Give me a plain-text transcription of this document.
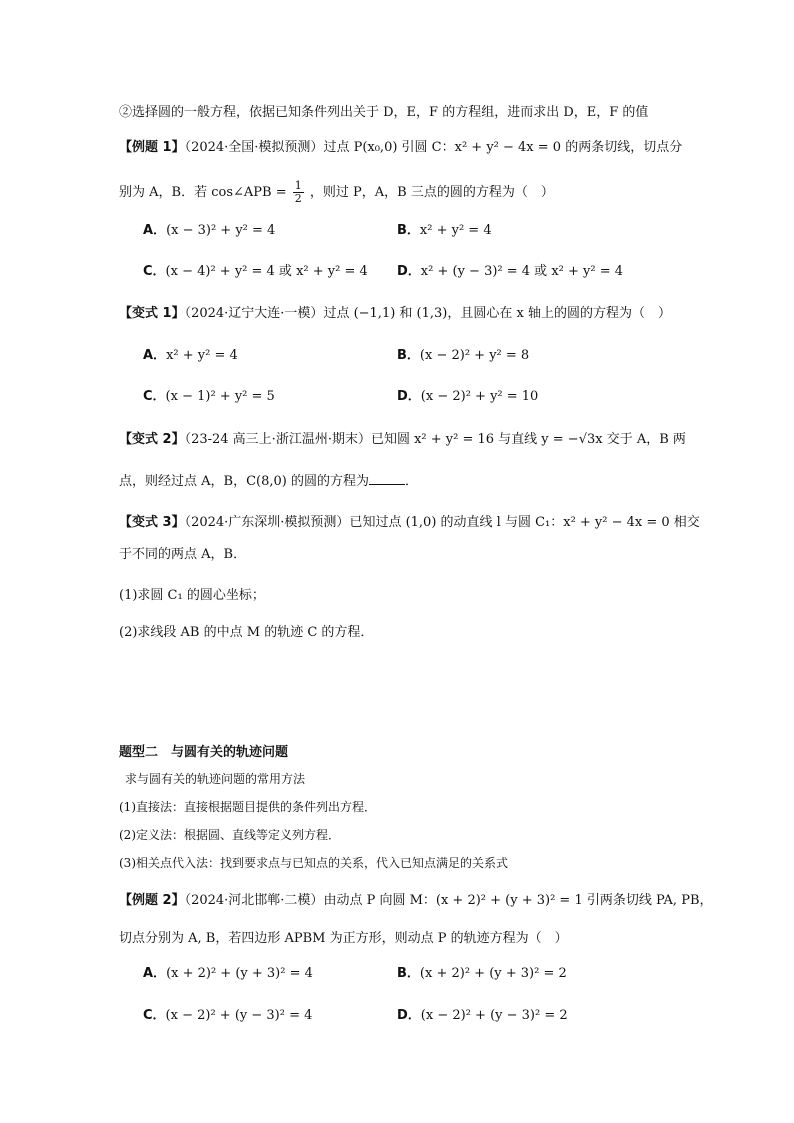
②选择圆的一般方程，依据已知条件列出关于 D，E，F 的方程组，进而求出 D，E，F 的值
【例题 1】（2024·全国·模拟预测）过点 P(x₀,0) 引圆 C：x² + y² − 4x = 0 的两条切线，切点分
别为 A，B．若 cos∠APB = $\frac{1}{2}$ ，则过 P，A，B 三点的圆的方程为（　）
A．(x − 3)² + y² = 4	B．x² + y² = 4
C．(x − 4)² + y² = 4 或 x² + y² = 4 D．x² + (y − 3)² = 4 或 x² + y² = 4
【变式 1】（2024·辽宁大连·一模）过点 (−1,1) 和 (1,3)，且圆心在 x 轴上的圆的方程为（　）
A．x² + y² = 4	B．(x − 2)² + y² = 8
C．(x − 1)² + y² = 5	D．(x − 2)² + y² = 10
【变式 2】（23-24 高三上·浙江温州·期末）已知圆 x² + y² = 16 与直线 y = −√3x 交于 A，B 两
点，则经过点 A，B，C(8,0) 的圆的方程为	．
【变式 3】（2024·广东深圳·模拟预测）已知过点 (1,0) 的动直线 l 与圆 C₁：x² + y² − 4x = 0 相交
于不同的两点 A，B．
(1)求圆 C₁ 的圆心坐标；
(2)求线段 AB 的中点 M 的轨迹 C 的方程．
题型二　与圆有关的轨迹问题
求与圆有关的轨迹问题的常用方法
(1)直接法：直接根据题目提供的条件列出方程．
(2)定义法：根据圆、直线等定义列方程．
(3)相关点代入法：找到要求点与已知点的关系，代入已知点满足的关系式
【例题 2】（2024·河北邯郸·二模）由动点 P 向圆 M：(x + 2)² + (y + 3)² = 1 引两条切线 PA, PB，
切点分别为 A, B，若四边形 APBM 为正方形，则动点 P 的轨迹方程为（　）
A．(x + 2)² + (y + 3)² = 4	B．(x + 2)² + (y + 3)² = 2
C．(x − 2)² + (y − 3)² = 4	D．(x − 2)² + (y − 3)² = 2
